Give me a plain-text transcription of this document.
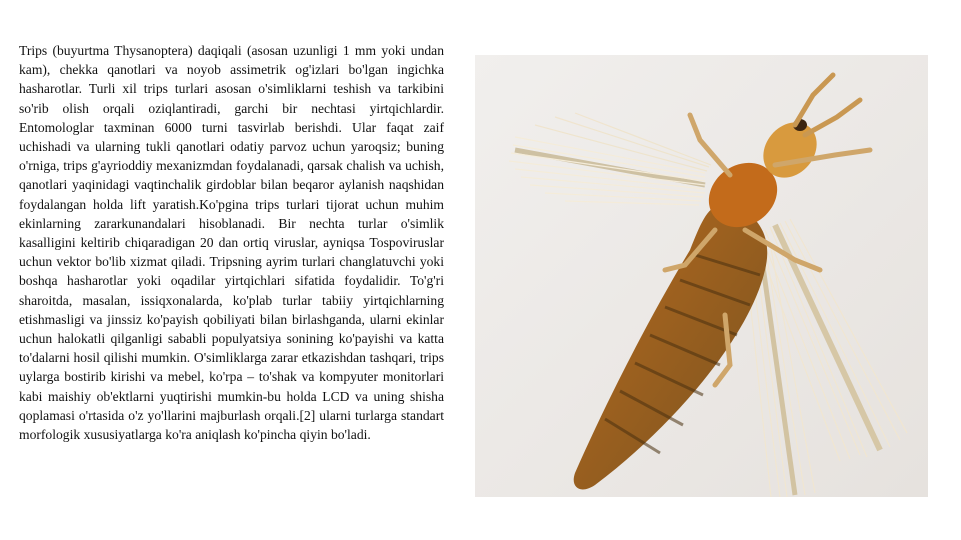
Trips (buyurtma Thysanoptera) daqiqali (asosan uzunligi 1 mm yoki undan kam), chekka qanotlari va noyob assimetrik og'izlari bo'lgan ingichka hasharotlar. Turli xil trips turlari asosan o'simliklarni teshish va tarkibini so'rib olish orqali oziqlantiradi, garchi bir nechtasi yirtqichlardir. Entomologlar taxminan 6000 turni tasvirlab berishdi. Ular faqat zaif uchishadi va ularning tukli qanotlari odatiy parvoz uchun yaroqsiz; buning o'rniga, trips g'ayrioddiy mexanizmdan foydalanadi, qarsak chalish va uchish, qanotlari yaqinidagi vaqtinchalik girdoblar bilan beqaror aylanish naqshidan foydalangan holda lift yaratish.Ko'pgina trips turlari tijorat uchun muhim ekinlarning zararkunandalari hisoblanadi. Bir nechta turlar o'simlik kasalligini keltirib chiqaradigan 20 dan ortiq viruslar, ayniqsa Tospoviruslar uchun vektor bo'lib xizmat qiladi. Tripsning ayrim turlari changlatuvchi yoki boshqa hasharotlar yoki oqadilar yirtqichlari sifatida foydalidir. To'g'ri sharoitda, masalan, issiqxonalarda, ko'plab turlar tabiiy yirtqichlarning etishmasligi va jinssiz ko'payish qobiliyati bilan birlashganda, ularni ekinlar uchun halokatli qilganligi sababli populyatsiya sonining ko'payishi va katta to'dalarni hosil qilishi mumkin. O'simliklarga zarar etkazishdan tashqari, trips uylarga bostirib kirishi va mebel, ko'rpa – to'shak va kompyuter monitorlari kabi maishiy ob'ektlarni yuqtirishi mumkin-bu holda LCD va uning shisha qoplamasi o'rtasida o'z yo'llarini majburlash orqali.[2] ularni turlarga standart morfologik xususiyatlarga ko'ra aniqlash ko'pincha qiyin bo'ladi.
